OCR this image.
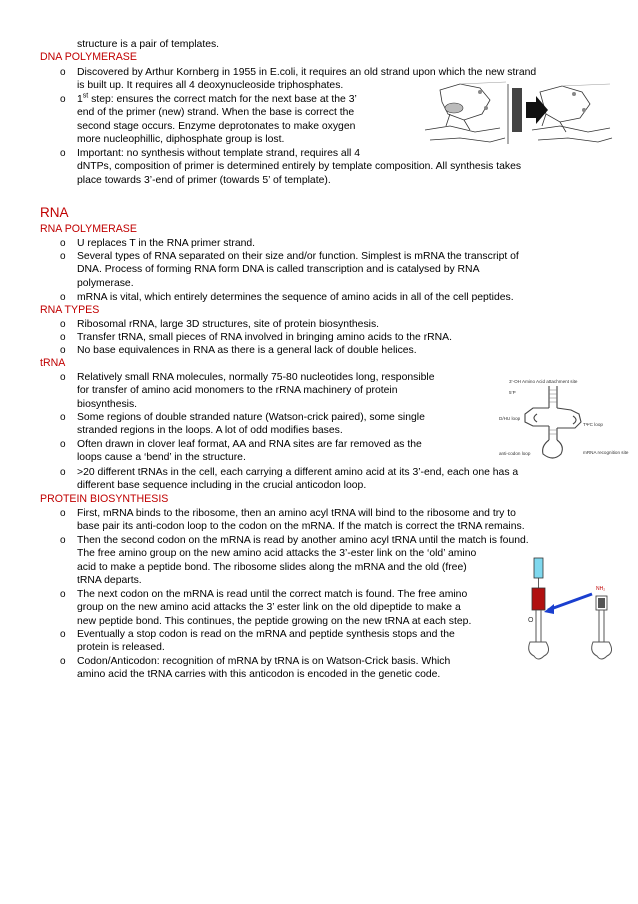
structure is a pair of templates.
DNA POLYMERASE
o Discovered by Arthur Kornberg in 1955 in E.coli, it requires an old strand upon which the new strand
is built up. It requires all 4 deoxynucleoside triphosphates.
o 1st step: ensures the correct match for the next base at the 3’
end of the primer (new) strand. When the base is correct the
second stage occurs. Enzyme deprotonates to make oxygen
more nucleophillic, diphosphate group is lost.
o Important: no synthesis without template strand, requires all 4
dNTPs, composition of primer is determined entirely by template composition. All synthesis takes
place towards 3’-end of primer (towards 5’ of template).
RNA
RNA POLYMERASE
o U replaces T in the RNA primer strand.
o Several types of RNA separated on their size and/or function. Simplest is mRNA the transcript of
DNA. Process of forming RNA form DNA is called transcription and is catalysed by RNA
polymerase.
o mRNA is vital, which entirely determines the sequence of amino acids in all of the cell peptides.
RNA TYPES
o Ribosomal rRNA, large 3D structures, site of protein biosynthesis.
o Transfer tRNA, small pieces of RNA involved in bringing amino acids to the rRNA.
o No base equivalences in RNA as there is a general lack of double helices.
tRNA
o Relatively small RNA molecules, normally 75-80 nucleotides long, responsible
for transfer of amino acid monomers to the rRNA machinery of protein
biosynthesis.
o Some regions of double stranded nature (Watson-crick paired), some single
stranded regions in the loops. A lot of odd modifies bases.
o Often drawn in clover leaf format, AA and RNA sites are far removed as the
loops cause a ‘bend’ in the structure.
o >20 different tRNAs in the cell, each carrying a different amino acid at its 3’-end, each one has a
different base sequence including in the crucial anticodon loop.
3’-OH Amino Acid attachment site
5’P
D/HU loop
TΨC loop
anti-codon loop	mRNA recognition site
PROTEIN BIOSYNTHESIS
o First, mRNA binds to the ribosome, then an amino acyl tRNA will bind to the ribosome and try to
base pair its anti-codon loop to the codon on the mRNA. If the match is correct the tRNA remains.
o Then the second codon on the mRNA is read by another amino acyl tRNA until the match is found.
The free amino group on the new amino acid attacks the 3’-ester link on the ‘old’ amino
acid to make a peptide bond. The ribosome slides along the mRNA and the old (free)
tRNA departs.
o The next codon on the mRNA is read until the correct match is found. The free amino
group on the new amino acid attacks the 3’ ester link on the old dipeptide to make a
new peptide bond. This continues, the peptide growing on the new tRNA at each step.
o Eventually a stop codon is read on the mRNA and peptide synthesis stops and the
protein is released.
o Codon/Anticodon: recognition of mRNA by tRNA is on Watson-Crick basis. Which
amino acid the tRNA carries with this anticodon is encoded in the genetic code.
NH₂
O
